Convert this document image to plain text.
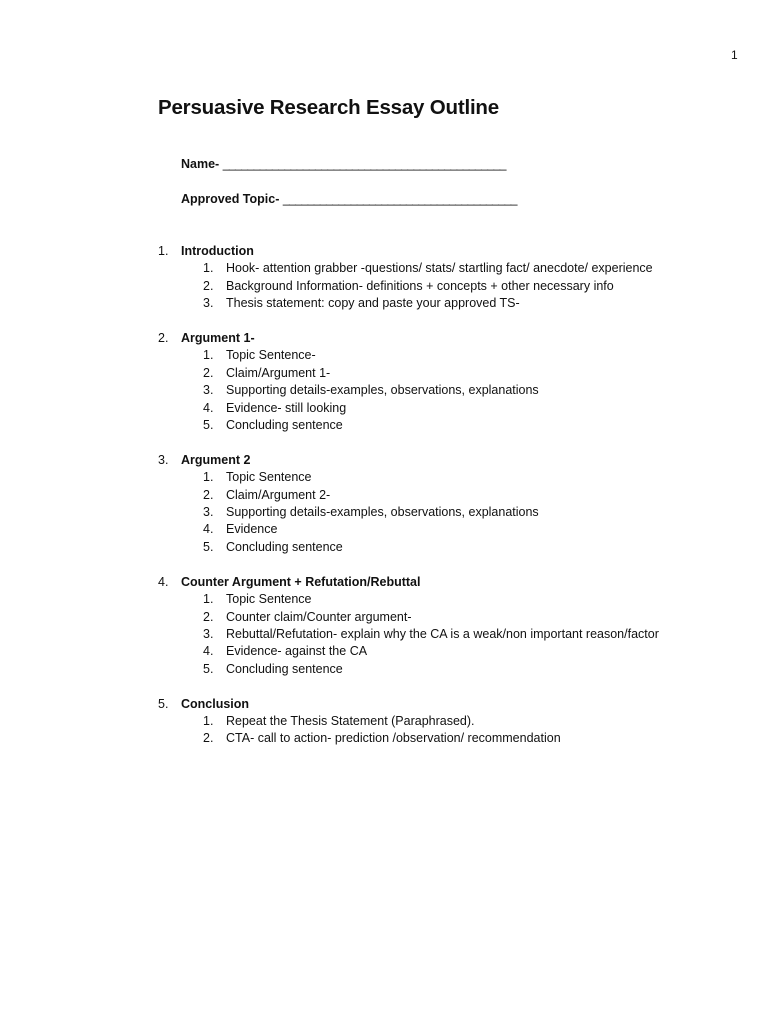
1
Persuasive Research Essay Outline
Name- ______________________________________________
Approved Topic- ______________________________________
1.	Introduction
1.	Hook- attention grabber -questions/ stats/ startling fact/ anecdote/ experience
2.	Background Information- definitions + concepts + other necessary info
3.	Thesis statement: copy and paste your approved TS-
2.	Argument 1-
1.	Topic Sentence-
2.	Claim/Argument 1-
3.	Supporting details-examples, observations, explanations
4.	Evidence- still looking
5.	Concluding sentence
3.	Argument 2
1.	Topic Sentence
2.	Claim/Argument 2-
3.	Supporting details-examples, observations, explanations
4.	Evidence
5.	Concluding sentence
4.	Counter Argument + Refutation/Rebuttal
1.	Topic Sentence
2.	Counter claim/Counter argument-
3.	Rebuttal/Refutation- explain why the CA is a weak/non important reason/factor
4.	Evidence- against the CA
5.	Concluding sentence
5.	Conclusion
1.	Repeat the Thesis Statement (Paraphrased).
2.	CTA- call to action- prediction /observation/ recommendation
